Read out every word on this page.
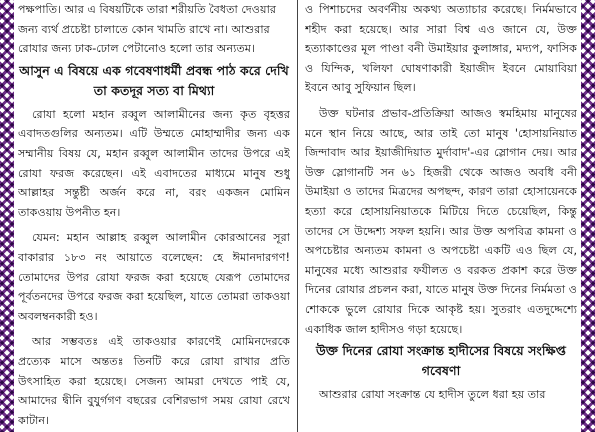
পক্ষপাতি। আর এ বিষয়টিকে তারা শরীয়তি বৈধতা দেওয়ার

জন্য ব্যর্থ প্রচেষ্টা চালাতে কোন খামতি রাখে না। আশুরার

রোযার জন্য ঢাক-ঢোল পেটানোও হলো তার অন্যতম।

আসুন এ বিষয়ে এক গবেষণাধর্মী প্রবন্ধ পাঠ করে দেখি তা কতদূর সত্য বা মিথ্যা

রোযা হলো মহান রব্বুল আলামীনের জন্য কৃত বৃহত্তর এবাদতগুলির অন্যতম। এটি উম্মতে মোহাম্মাদীর জন্য এক সম্মানীয় বিষয় যে, মহান রব্বুল আলামীন তাদের উপরে এই রোযা ফরজ করেছেন। এই এবাদতের মাধ্যমে মানুষ শুধু আল্লাহর সন্তুষ্টী অর্জন করে না, বরং একজন মোমিন তাকওয়ায় উপনীত হন।

যেমন: মহান আল্লাহ রব্বুল আলামীন কোরআনের সূরা বাকারার ১৮৩ নং আয়াতে বলেছেন: হে ঈমানদারগণ! তোমাদের উপর রোযা ফরজ করা হয়েছে যেরূপ তোমাদের পূর্বতনদের উপরে ফরজ করা হয়েছিল, যাতে তোমরা তাকওয়া অবলম্বনকারী হও।

আর সম্ভবতঃ এই তাকওয়ার কারণেই মোমিনদেরকে প্রত্যেক মাসে অন্ততঃ তিনটি করে রোযা রাখার প্রতি উৎসাহিত করা হয়েছে। সেজন্য আমরা দেখতে পাই যে, আমাদের দ্বীনি বুযুর্গগণ বছরের বেশিরভাগ সময় রোযা রেখে কাটান।

ও পিশাচদের অবর্ণনীয় অকথ্য অত্যাচার করেছে। নির্মমভাবে শহীদ করা হয়েছে। আর সারা বিশ্ব এও জানে যে, উক্ত হত্যাকাণ্ডের মূল পাণ্ডা বনী উমাইয়ার কুলাঙ্গার, মদ্যপ, ফাসিক ও যিন্দিক, খলিফা ঘোষণাকারী ইয়াজীদ ইবনে মোয়াবিয়া ইবনে আবু সুফিয়ান ছিল।

উক্ত ঘটনার প্রভাব-প্রতিক্রিয়া আজও স্বমহিমায় মানুষের মনে স্থান নিয়ে আছে, আর তাই তো মানুষ 'হোসায়নিয়াত জিন্দাবাদ আর ইয়াজীদিয়াত মুর্দাবাদ'-এর স্লোগান দেয়। আর উক্ত স্লোগানটি সন ৬১ হিজরী থেকে আজও অবধি বনী উমাইয়া ও তাদের মিত্রদের অপছন্দ, কারণ তারা হোসায়েনকে হত্যা করে হোসায়নিয়াতকে মিটিয়ে দিতে চেয়েছিল, কিন্তু তাদের সে উদ্দেশ্য সফল হয়নি। আর উক্ত অপবিত্র কামনা ও অপচেষ্টার অন্যতম কামনা ও অপচেষ্টা একটি এও ছিল যে, মানুষের মধ্যে আশুরার ফযীলত ও বরকত প্রকাশ করে উক্ত দিনের রোযার প্রচলন করা, যাতে মানুষ উক্ত দিনের নির্মমতা ও শোককে ভুলে রোযার দিকে আকৃষ্ট হয়। সুতরাং এতদুদ্দেশ্যে একাধিক জাল হাদীসও গড়া হয়েছে।

উক্ত দিনের রোযা সংক্রান্ত হাদীসের বিষয়ে সংক্ষিপ্ত গবেষণা

আশুরার রোযা সংক্রান্ত যে হাদীস তুলে ধরা হয় তার
